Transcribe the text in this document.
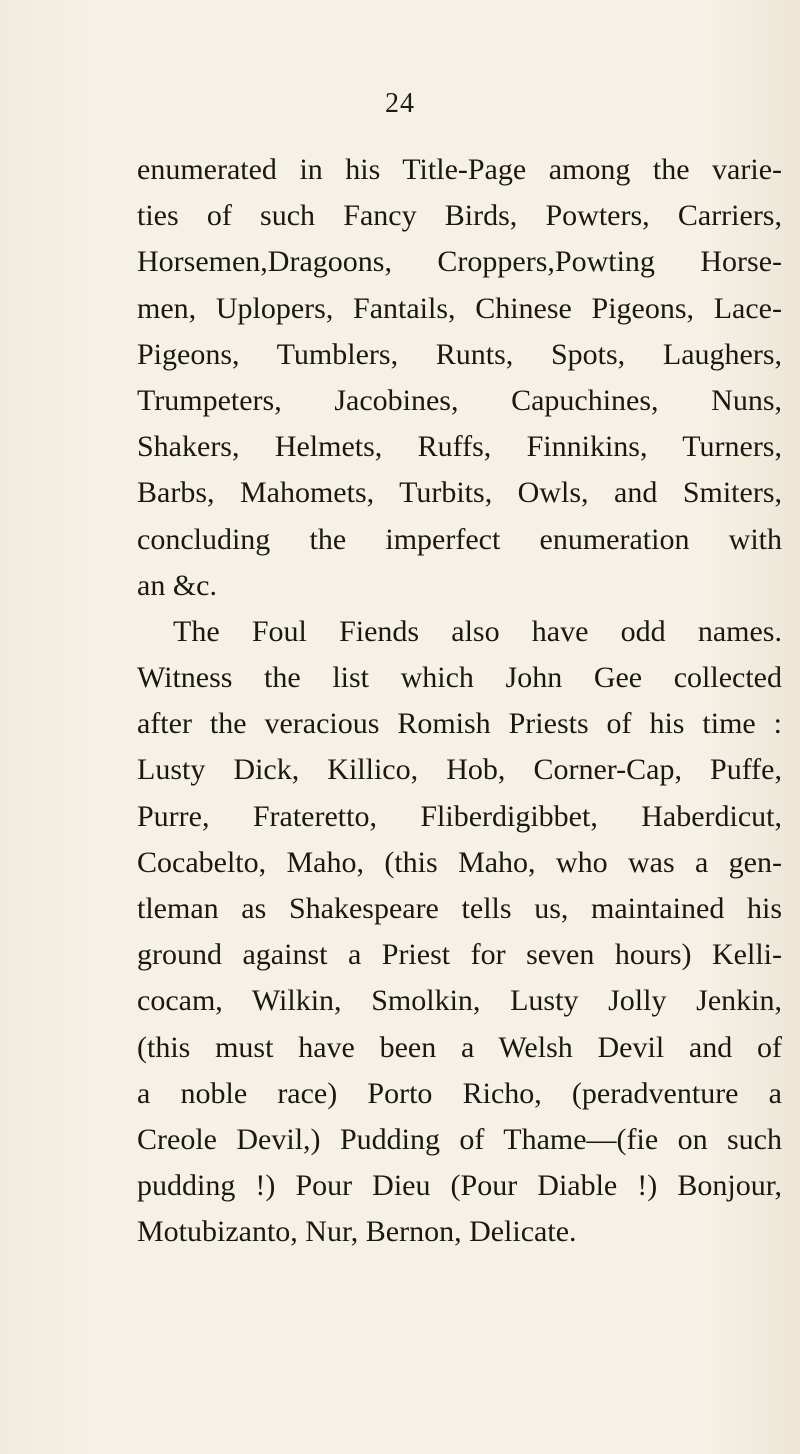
24
enumerated in his Title-Page among the varie-
ties of such Fancy Birds, Powters, Carriers,
Horsemen,Dragoons, Croppers,Powting Horse-
men, Uplopers, Fantails, Chinese Pigeons, Lace-
Pigeons, Tumblers, Runts, Spots, Laughers,
Trumpeters, Jacobines, Capuchines, Nuns,
Shakers, Helmets, Ruffs, Finnikins, Turners,
Barbs, Mahomets, Turbits, Owls, and Smiters,
concluding the imperfect enumeration with
an &c.
The Foul Fiends also have odd names.
Witness the list which John Gee collected
after the veracious Romish Priests of his time :
Lusty Dick, Killico, Hob, Corner-Cap, Puffe,
Purre, Frateretto, Fliberdigibbet, Haberdicut,
Cocabelto, Maho, (this Maho, who was a gen-
tleman as Shakespeare tells us, maintained his
ground against a Priest for seven hours) Kelli-
cocam, Wilkin, Smolkin, Lusty Jolly Jenkin,
(this must have been a Welsh Devil and of
a noble race) Porto Richo, (peradventure a
Creole Devil,) Pudding of Thame—(fie on such
pudding !) Pour Dieu (Pour Diable !) Bonjour,
Motubizanto, Nur, Bernon, Delicate.
